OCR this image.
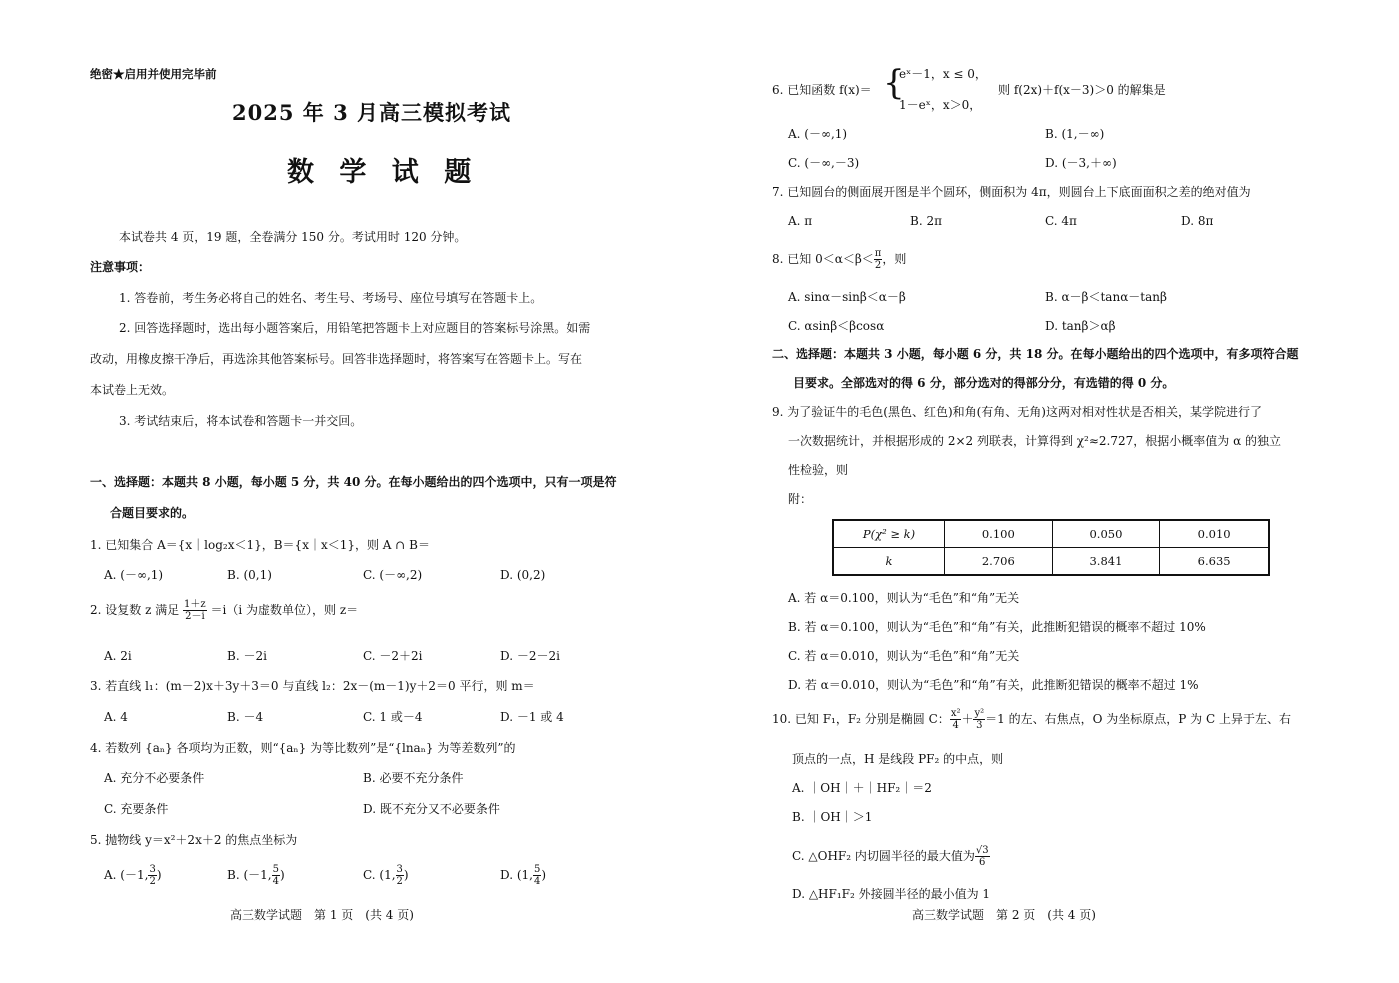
绝密★启用并使用完毕前
2025 年 3 月高三模拟考试
数 学 试 题
本试卷共 4 页，19 题，全卷满分 150 分。考试用时 120 分钟。
注意事项：
1. 答卷前，考生务必将自己的姓名、考生号、考场号、座位号填写在答题卡上。
2. 回答选择题时，选出每小题答案后，用铅笔把答题卡上对应题目的答案标号涂黑。如需
改动，用橡皮擦干净后，再选涂其他答案标号。回答非选择题时，将答案写在答题卡上。写在
本试卷上无效。
3. 考试结束后，将本试卷和答题卡一并交回。
一、选择题：本题共 8 小题，每小题 5 分，共 40 分。在每小题给出的四个选项中，只有一项是符
合题目要求的。
1. 已知集合 A＝{x｜log₂x＜1}，B＝{x｜x＜1}，则 A ∩ B＝
A. (－∞,1)	B. (0,1)	C. (－∞,2)	D. (0,2)
2. 设复数 z 满足 $\frac{1+z}{2-i} =i(i$ 为虚数单位），则 z＝
A. 2i	B. －2i	C. －2＋2i	D. －2－2i
3. 若直线 l₁：(m－2)x＋3y＋3＝0 与直线 l₂：2x－(m－1)y＋2＝0 平行，则 m＝
A. 4	B. －4	C. 1 或－4	D. －1 或 4
4. 若数列 {aₙ} 各项均为正数，则“{aₙ} 为等比数列”是“{lnaₙ} 为等差数列”的
A. 充分不必要条件	B. 必要不充分条件
C. 充要条件	D. 既不充分又不必要条件
5. 抛物线 y＝x²＋2x＋2 的焦点坐标为
A. (－1, $\frac{3}{2}$ )	B. (－1, $\frac{5}{4}$ )	C. (1, $\frac{3}{2}$ )	D. (1, $\frac{5}{4}$ )
高三数学试题　第 1 页　(共 4 页)
6. 已知函数 f(x)＝ {
eˣ－1，x ≤ 0，
1－eˣ，x＞0，
则 f(2x)＋f(x－3)＞0 的解集是
A. (－∞,1)	B. (1,－∞)
C. (－∞,－3)	D. (－3,＋∞)
7. 已知圆台的侧面展开图是半个圆环，侧面积为 4π，则圆台上下底面面积之差的绝对值为
A. π	B. 2π	C. 4π	D. 8π
8. 已知 $0<\alpha<\beta< \frac{\pi}{2}$ ，则
A. sinα－sinβ＜α－β	B. α－β＜tanα－tanβ
C. αsinβ＜βcosα	D. tanβ＞αβ
二、选择题：本题共 3 小题，每小题 6 分，共 18 分。在每小题给出的四个选项中，有多项符合题
目要求。全部选对的得 6 分，部分选对的得部分分，有选错的得 0 分。
9. 为了验证牛的毛色(黑色、红色)和角(有角、无角)这两对相对性状是否相关，某学院进行了
一次数据统计，并根据形成的 2×2 列联表，计算得到 χ²≈2.727，根据小概率值为 α 的独立
性检验，则
附：
P(χ² ≥ k)	0.100	0.050	0.010
k	2.706	3.841	6.635
A. 若 α＝0.100，则认为“毛色”和“角”无关
B. 若 α＝0.100，则认为“毛色”和“角”有关，此推断犯错误的概率不超过 10%
C. 若 α＝0.010，则认为“毛色”和“角”无关
D. 若 α＝0.010，则认为“毛色”和“角”有关，此推断犯错误的概率不超过 1%
10. 已知 F₁，F₂ 分别是椭圆 C： $\frac{\text{x²}}{4} + \frac{\text{y²}}{3} =1$ 的左、右焦点，O 为坐标原点，P 为 C 上异于左、右
顶点的一点，H 是线段 PF₂ 的中点，则
A. ｜OH｜＋｜HF₂｜＝2
B. ｜OH｜＞1
C. △OHF₂ 内切圆半径的最大值为 $\frac{√3}{6}$
D. △HF₁F₂ 外接圆半径的最小值为 1
高三数学试题　第 2 页　(共 4 页)
